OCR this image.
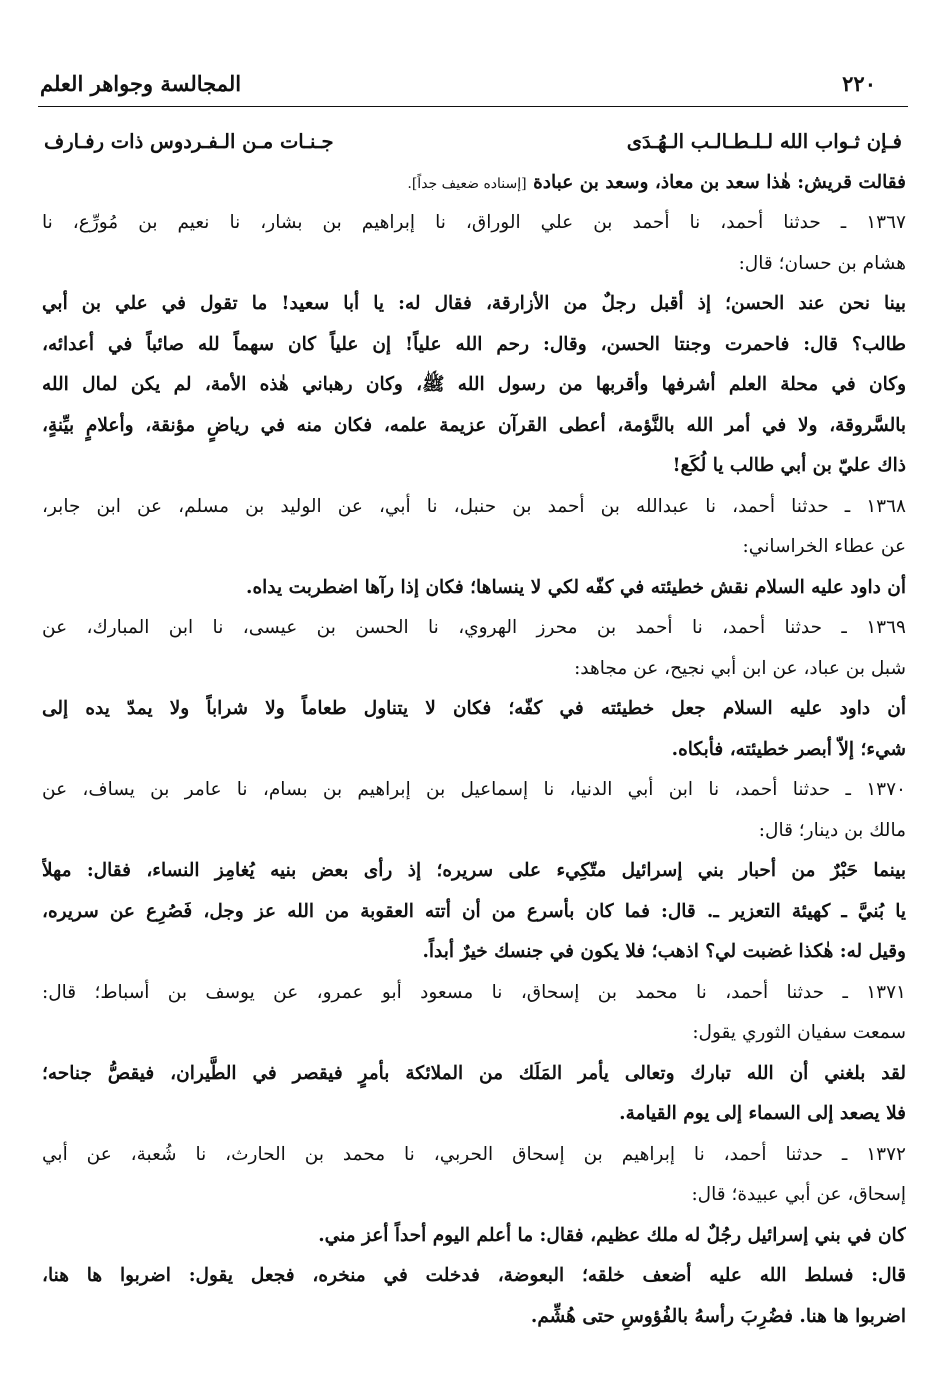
٢٢٠
المجالسة وجواهر العلم
فـإن ثـواب الله لـلـطـالـب الـهُـدَى
جـنـات مـن الـفـردوس ذات رفـارف
فقالت قريش: هٰذا سعد بن معاذ، وسعد بن عبادة [إسناده ضعيف جداً].
١٣٦٧ ـ حدثنا أحمد، نا أحمد بن علي الوراق، نا إبراهيم بن بشار، نا نعيم بن مُورِّع، نا
هشام بن حسان؛ قال:
بينا نحن عند الحسن؛ إذ أقبل رجلٌ من الأزارقة، فقال له: يا أبا سعيد! ما تقول في علي بن أبي
طالب؟ قال: فاحمرت وجنتا الحسن، وقال: رحم الله علياً! إن علياً كان سهماً لله صائباً في أعدائه،
وكان في محلة العلم أشرفها وأقربها من رسول الله ﷺ، وكان رهباني هٰذه الأمة، لم يكن لمال الله
بالسَّروقة، ولا في أمر الله بالنَّؤمة، أعطى القرآن عزيمة علمه، فكان منه في رياضٍ مؤنقة، وأعلامٍ بيِّنةٍ،
ذاك عليّ بن أبي طالب يا لُكَع!
١٣٦٨ ـ حدثنا أحمد، نا عبدالله بن أحمد بن حنبل، نا أبي، عن الوليد بن مسلم، عن ابن جابر،
عن عطاء الخراساني:
أن داود عليه السلام نقش خطيئته في كفّه لكي لا ينساها؛ فكان إذا رآها اضطربت يداه.
١٣٦٩ ـ حدثنا أحمد، نا أحمد بن محرز الهروي، نا الحسن بن عيسى، نا ابن المبارك، عن
شبل بن عباد، عن ابن أبي نجيح، عن مجاهد:
أن داود عليه السلام جعل خطيئته في كفّه؛ فكان لا يتناول طعاماً ولا شراباً ولا يمدّ يده إلى
شيء؛ إلاّ أبصر خطيئته، فأبكاه.
١٣٧٠ ـ حدثنا أحمد، نا ابن أبي الدنيا، نا إسماعيل بن إبراهيم بن بسام، نا عامر بن يساف، عن
مالك بن دينار؛ قال:
بينما حَبْرٌ من أحبار بني إسرائيل متّكِيء على سريره؛ إذ رأى بعض بنيه يُغامِز النساء، فقال: مهلاً
يا بُنيَّ ـ كهيئة التعزير ـ. قال: فما كان بأسرع من أن أتته العقوبة من الله عز وجل، فَصُرِع عن سريره،
وقيل له: هٰكذا غضبت لي؟ اذهب؛ فلا يكون في جنسك خيرٌ أبداً.
١٣٧١ ـ حدثنا أحمد، نا محمد بن إسحاق، نا مسعود أبو عمرو، عن يوسف بن أسباط؛ قال:
سمعت سفيان الثوري يقول:
لقد بلغني أن الله تبارك وتعالى يأمر المَلَك من الملائكة بأمرٍ فيقصر في الطَّيران، فيقصُّ جناحه؛
فلا يصعد إلى السماء إلى يوم القيامة.
١٣٧٢ ـ حدثنا أحمد، نا إبراهيم بن إسحاق الحربي، نا محمد بن الحارث، نا شُعبة، عن أبي
إسحاق، عن أبي عبيدة؛ قال:
كان في بني إسرائيل رجُلٌ له ملك عظيم، فقال: ما أعلم اليوم أحداً أعز مني.
قال: فسلط الله عليه أضعف خلقه؛ البعوضة، فدخلت في منخره، فجعل يقول: اضربوا ها هنا،
اضربوا ها هنا. فضُرِبَ رأسهُ بالفُؤوسِ حتى هُشِّم.
